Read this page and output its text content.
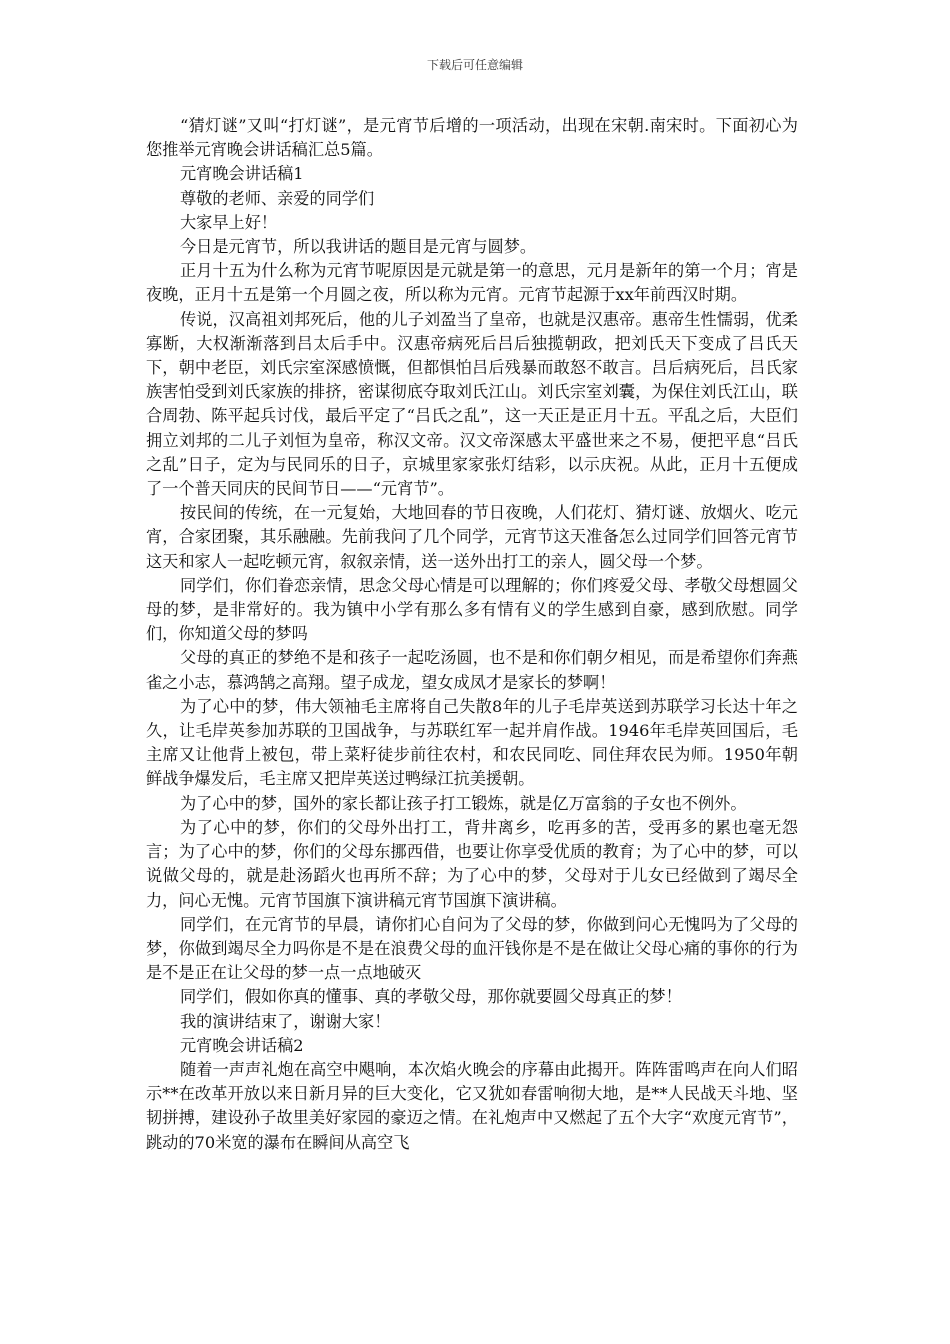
下载后可任意编辑

“猜灯谜”又叫“打灯谜”，是元宵节后增的一项活动，出现在宋朝.南宋时。下面初心为您推举元宵晚会讲话稿汇总5篇。

元宵晚会讲话稿1

尊敬的老师、亲爱的同学们

大家早上好！

今日是元宵节，所以我讲话的题目是元宵与圆梦。

正月十五为什么称为元宵节呢原因是元就是第一的意思，元月是新年的第一个月；宵是夜晚，正月十五是第一个月圆之夜，所以称为元宵。元宵节起源于xx年前西汉时期。

传说，汉高祖刘邦死后，他的儿子刘盈当了皇帝，也就是汉惠帝。惠帝生性懦弱，优柔寡断，大权渐渐落到吕太后手中。汉惠帝病死后吕后独揽朝政，把刘氏天下变成了吕氏天下，朝中老臣，刘氏宗室深感愤慨，但都惧怕吕后残暴而敢怒不敢言。吕后病死后，吕氏家族害怕受到刘氏家族的排挤，密谋彻底夺取刘氏江山。刘氏宗室刘囊，为保住刘氏江山，联合周勃、陈平起兵讨伐，最后平定了“吕氏之乱”，这一天正是正月十五。平乱之后，大臣们拥立刘邦的二儿子刘恒为皇帝，称汉文帝。汉文帝深感太平盛世来之不易，便把平息“吕氏之乱”日子，定为与民同乐的日子，京城里家家张灯结彩，以示庆祝。从此，正月十五便成了一个普天同庆的民间节日——“元宵节”。

按民间的传统，在一元复始，大地回春的节日夜晚，人们花灯、猜灯谜、放烟火、吃元宵，合家团聚，其乐融融。先前我问了几个同学，元宵节这天准备怎么过同学们回答元宵节这天和家人一起吃顿元宵，叙叙亲情，送一送外出打工的亲人，圆父母一个梦。

同学们，你们眷恋亲情，思念父母心情是可以理解的；你们疼爱父母、孝敬父母想圆父母的梦，是非常好的。我为镇中小学有那么多有情有义的学生感到自豪，感到欣慰。同学们，你知道父母的梦吗

父母的真正的梦绝不是和孩子一起吃汤圆，也不是和你们朝夕相见，而是希望你们奔燕雀之小志，慕鸿鹄之高翔。望子成龙，望女成凤才是家长的梦啊！

为了心中的梦，伟大领袖毛主席将自己失散8年的儿子毛岸英送到苏联学习长达十年之久，让毛岸英参加苏联的卫国战争，与苏联红军一起并肩作战。1946年毛岸英回国后，毛主席又让他背上被包，带上菜籽徒步前往农村，和农民同吃、同住拜农民为师。1950年朝鲜战争爆发后，毛主席又把岸英送过鸭绿江抗美援朝。

为了心中的梦，国外的家长都让孩子打工锻炼，就是亿万富翁的子女也不例外。

为了心中的梦，你们的父母外出打工，背井离乡，吃再多的苦，受再多的累也毫无怨言；为了心中的梦，你们的父母东挪西借，也要让你享受优质的教育；为了心中的梦，可以说做父母的，就是赴汤蹈火也再所不辞；为了心中的梦，父母对于儿女已经做到了竭尽全力，问心无愧。元宵节国旗下演讲稿元宵节国旗下演讲稿。

同学们，在元宵节的早晨，请你扪心自问为了父母的梦，你做到问心无愧吗为了父母的梦，你做到竭尽全力吗你是不是在浪费父母的血汗钱你是不是在做让父母心痛的事你的行为是不是正在让父母的梦一点一点地破灭

同学们，假如你真的懂事、真的孝敬父母，那你就要圆父母真正的梦！

我的演讲结束了，谢谢大家！

元宵晚会讲话稿2

随着一声声礼炮在高空中飓响，本次焰火晚会的序幕由此揭开。阵阵雷鸣声在向人们昭示**在改革开放以来日新月异的巨大变化，它又犹如春雷响彻大地，是**人民战天斗地、坚韧拼搏，建设孙子故里美好家园的豪迈之情。在礼炮声中又燃起了五个大字“欢度元宵节”，跳动的70米宽的瀑布在瞬间从高空飞
